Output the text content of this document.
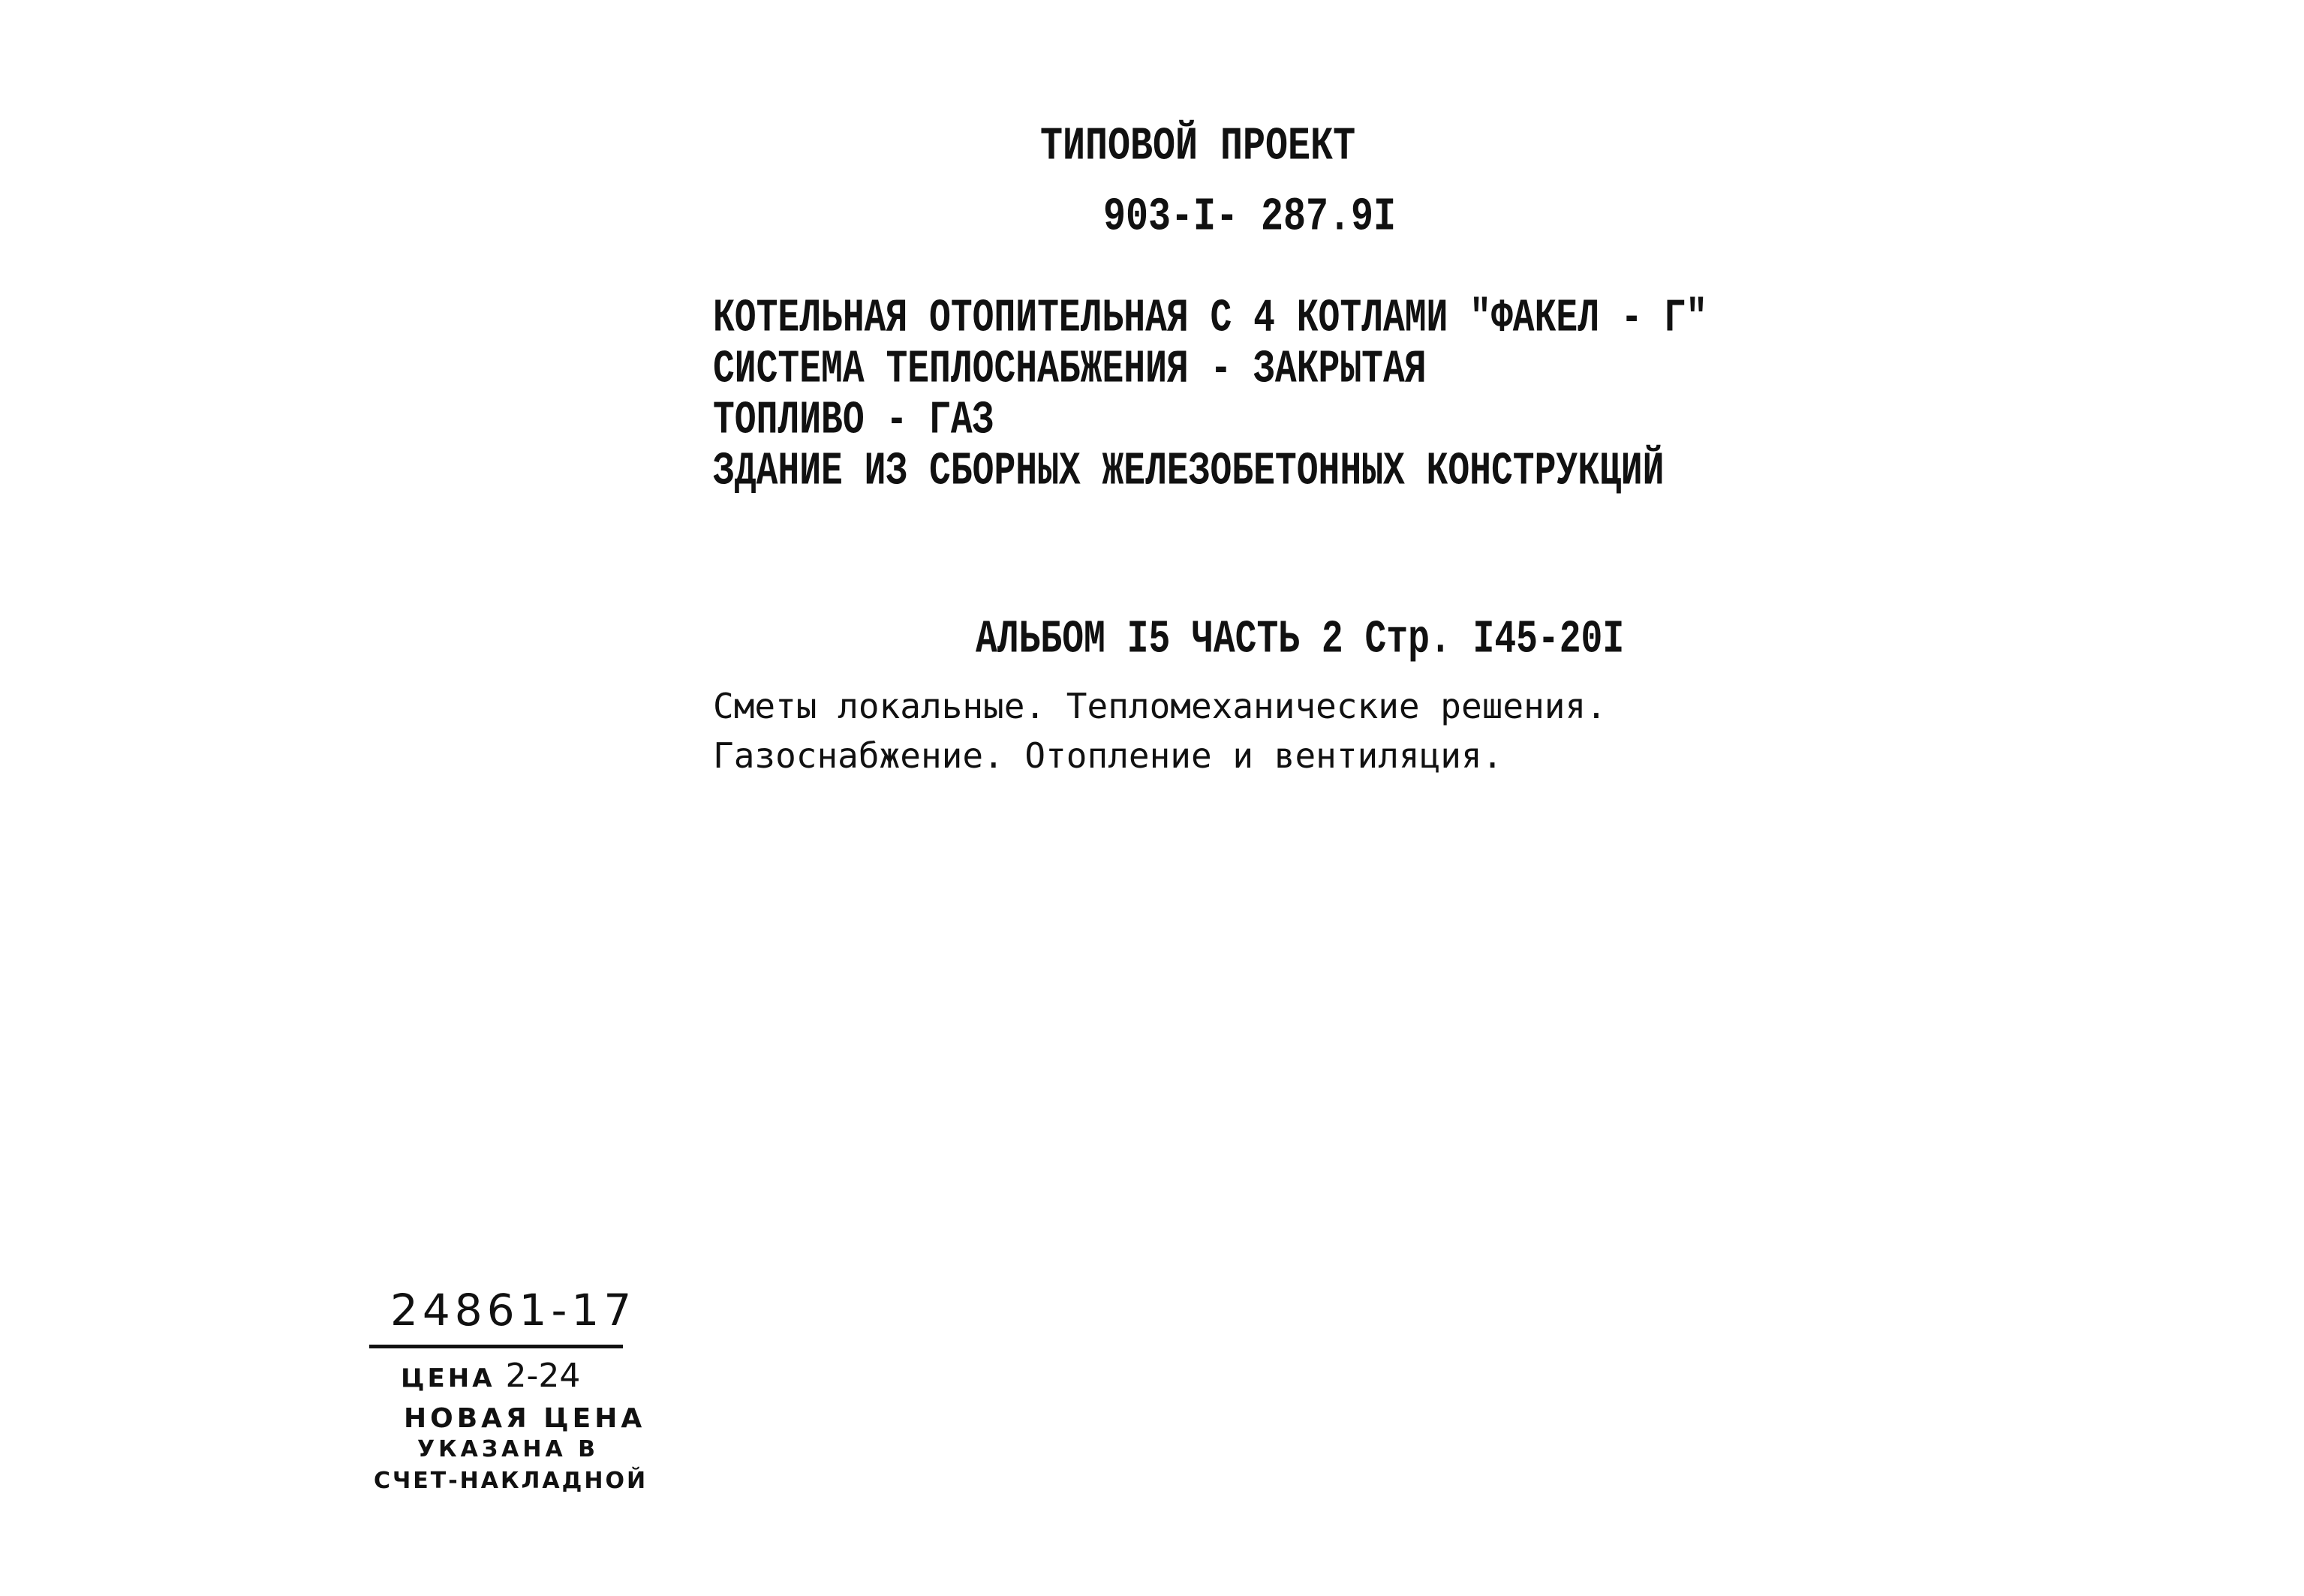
ТИПОВОЙ ПРОЕКТ
903-I- 287.9I
КОТЕЛЬНАЯ ОТОПИТЕЛЬНАЯ С 4 КОТЛАМИ "ФАКЕЛ - Г"
СИСТЕМА ТЕПЛОСНАБЖЕНИЯ - ЗАКРЫТАЯ
ТОПЛИВО - ГАЗ
ЗДАНИЕ ИЗ СБОРНЫХ ЖЕЛЕЗОБЕТОННЫХ КОНСТРУКЦИЙ
АЛЬБОМ I5 ЧАСТЬ 2 Стр. I45-20I
Сметы локальные. Тепломеханические решения.
Газоснабжение. Отопление и вентиляция.
24861-17
ЦЕНА 2-24
НОВАЯ ЦЕНА
УКАЗАНА В
СЧЕТ-НАКЛАДНОЙ
